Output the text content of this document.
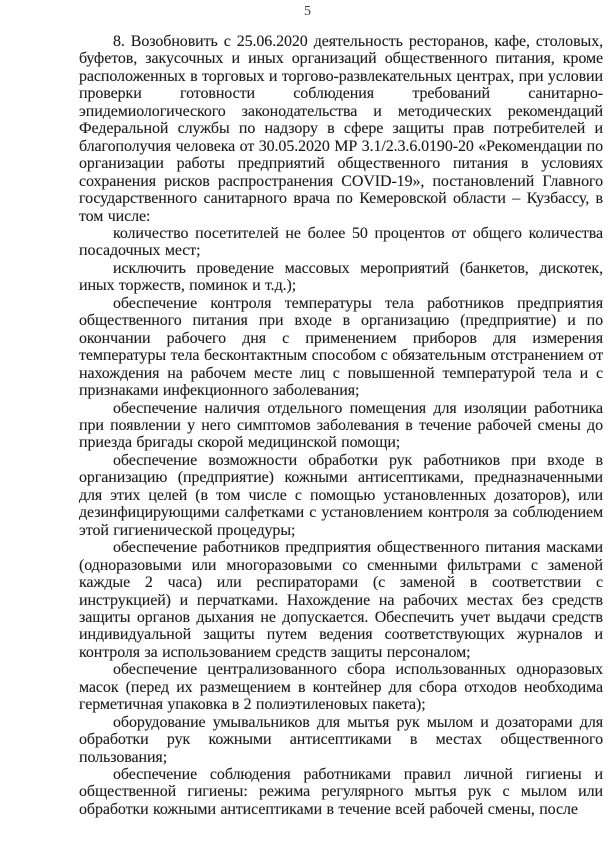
5

8. Возобновить с 25.06.2020 деятельность ресторанов, кафе, столовых, буфетов, закусочных и иных организаций общественного питания, кроме расположенных в торговых и торгово-развлекательных центрах, при условии проверки готовности соблюдения требований санитарно-эпидемиологического законодательства и методических рекомендаций Федеральной службы по надзору в сфере защиты прав потребителей и благополучия человека от 30.05.2020 МР 3.1/2.3.6.0190-20 «Рекомендации по организации работы предприятий общественного питания в условиях сохранения рисков распространения COVID-19», постановлений Главного государственного санитарного врача по Кемеровской области – Кузбассу, в том числе:

количество посетителей не более 50 процентов от общего количества посадочных мест;

исключить проведение массовых мероприятий (банкетов, дискотек, иных торжеств, поминок и т.д.);

обеспечение контроля температуры тела работников предприятия общественного питания при входе в организацию (предприятие) и по окончании рабочего дня с применением приборов для измерения температуры тела бесконтактным способом с обязательным отстранением от нахождения на рабочем месте лиц с повышенной температурой тела и с признаками инфекционного заболевания;

обеспечение наличия отдельного помещения для изоляции работника при появлении у него симптомов заболевания в течение рабочей смены до приезда бригады скорой медицинской помощи;

обеспечение возможности обработки рук работников при входе в организацию (предприятие) кожными антисептиками, предназначенными для этих целей (в том числе с помощью установленных дозаторов), или дезинфицирующими салфетками с установлением контроля за соблюдением этой гигиенической процедуры;

обеспечение работников предприятия общественного питания масками (одноразовыми или многоразовыми со сменными фильтрами с заменой каждые 2 часа) или респираторами (с заменой в соответствии с инструкцией) и перчатками. Нахождение на рабочих местах без средств защиты органов дыхания не допускается. Обеспечить учет выдачи средств индивидуальной защиты путем ведения соответствующих журналов и контроля за использованием средств защиты персоналом;

обеспечение централизованного сбора использованных одноразовых масок (перед их размещением в контейнер для сбора отходов необходима герметичная упаковка в 2 полиэтиленовых пакета);

оборудование умывальников для мытья рук мылом и дозаторами для обработки рук кожными антисептиками в местах общественного пользования;

обеспечение соблюдения работниками правил личной гигиены и общественной гигиены: режима регулярного мытья рук с мылом или обработки кожными антисептиками в течение всей рабочей смены, после
